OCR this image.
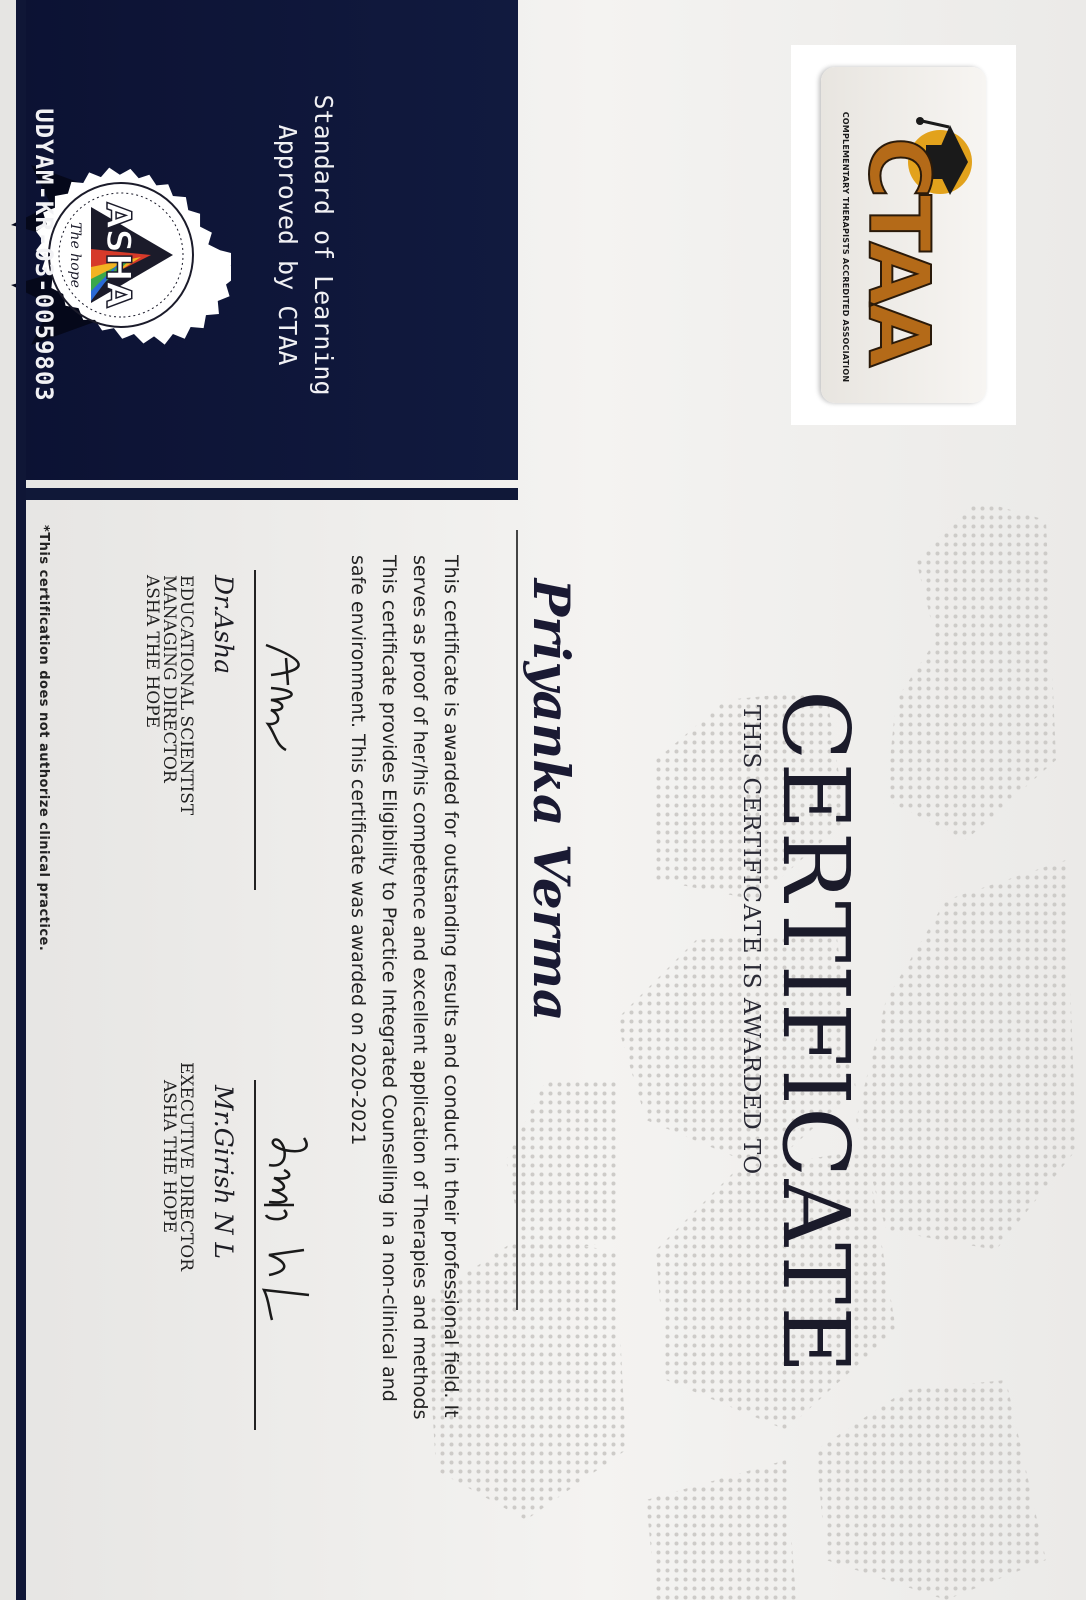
CTAA
COMPLEMENTARY THERAPISTS ACCREDITED ASSOCIATION
Standard of Learning
Approved by CTAA
ASHA
The hope
UDYAM-KR-03-0059803
CERTIFICATE
THIS CERTIFICATE IS AWARDED TO
Priyanka Verma
This certificate is awarded for outstanding results and conduct in their professional field. It serves as proof of her/his competence and excellent application of Therapies and methods This certificate provides Eligibility to Practice Integrated Counselling in a non-clinical and safe environment. This certificate was awarded on 2020-2021
Dr.Asha
EDUCATIONAL SCIENTIST
MANAGING DIRECTOR
ASHA THE HOPE
Mr.Girish N L
EXECUTIVE DIRECTOR
ASHA THE HOPE
*This certification does not authorize clinical practice.
